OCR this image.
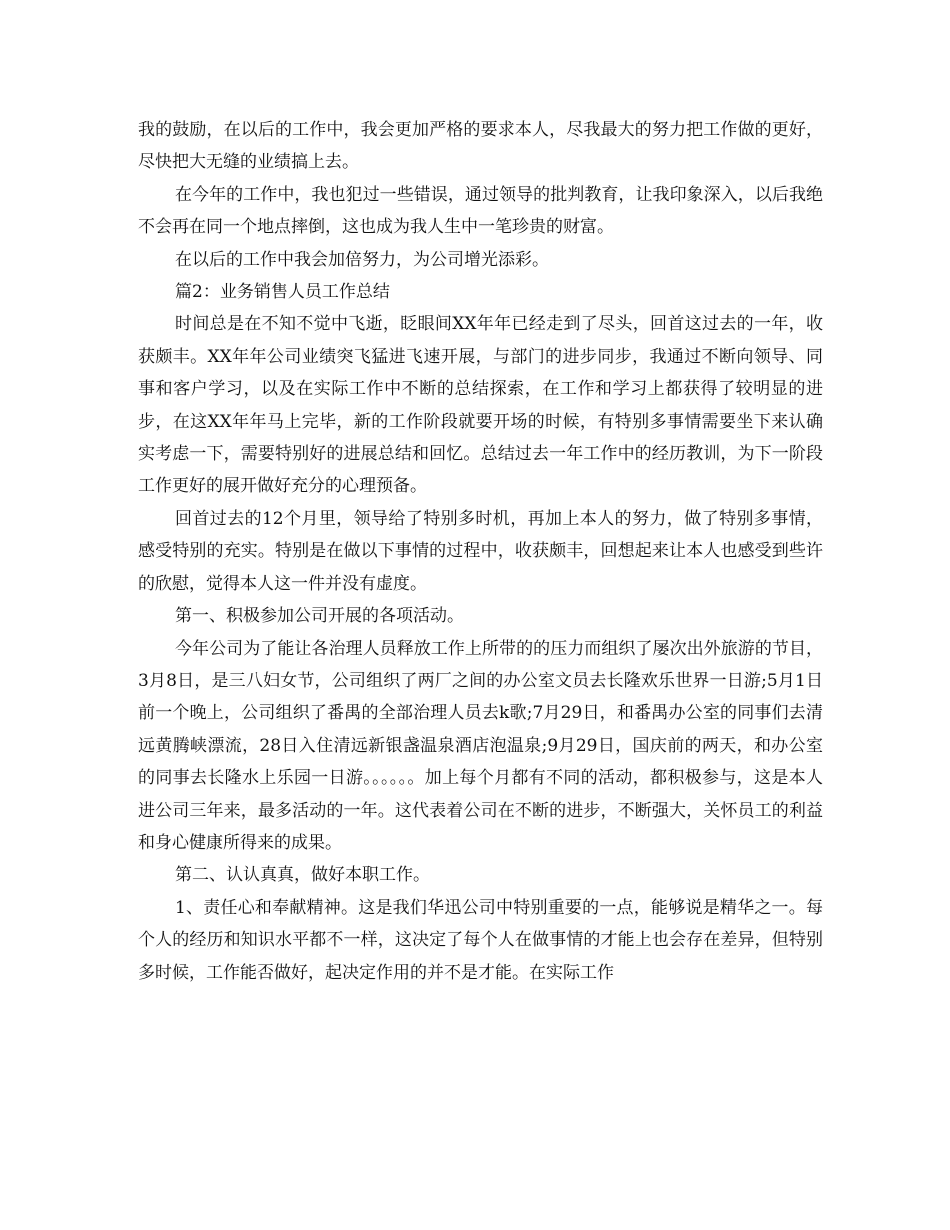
我的鼓励，在以后的工作中，我会更加严格的要求本人，尽我最大的努力把工作做的更好，尽快把大无缝的业绩搞上去。

在今年的工作中，我也犯过一些错误，通过领导的批判教育，让我印象深入，以后我绝不会再在同一个地点摔倒，这也成为我人生中一笔珍贵的财富。

在以后的工作中我会加倍努力，为公司增光添彩。

篇2：业务销售人员工作总结

时间总是在不知不觉中飞逝，眨眼间XX年年已经走到了尽头，回首这过去的一年，收获颇丰。XX年年公司业绩突飞猛进飞速开展，与部门的进步同步，我通过不断向领导、同事和客户学习，以及在实际工作中不断的总结探索，在工作和学习上都获得了较明显的进步，在这XX年年马上完毕，新的工作阶段就要开场的时候，有特别多事情需要坐下来认确实考虑一下，需要特别好的进展总结和回忆。总结过去一年工作中的经历教训，为下一阶段工作更好的展开做好充分的心理预备。

回首过去的12个月里，领导给了特别多时机，再加上本人的努力，做了特别多事情，感受特别的充实。特别是在做以下事情的过程中，收获颇丰，回想起来让本人也感受到些许的欣慰，觉得本人这一件并没有虚度。

第一、积极参加公司开展的各项活动。

今年公司为了能让各治理人员释放工作上所带的的压力而组织了屡次出外旅游的节目，3月8日，是三八妇女节，公司组织了两厂之间的办公室文员去长隆欢乐世界一日游;5月1日前一个晚上，公司组织了番禺的全部治理人员去k歌;7月29日，和番禺办公室的同事们去清远黄腾峡漂流，28日入住清远新银盏温泉酒店泡温泉;9月29日，国庆前的两天，和办公室的同事去长隆水上乐园一日游。。。。。。加上每个月都有不同的活动，都积极参与，这是本人进公司三年来，最多活动的一年。这代表着公司在不断的进步，不断强大，关怀员工的利益和身心健康所得来的成果。

第二、认认真真，做好本职工作。

1、责任心和奉献精神。这是我们华迅公司中特别重要的一点，能够说是精华之一。每个人的经历和知识水平都不一样，这决定了每个人在做事情的才能上也会存在差异，但特别多时候，工作能否做好，起决定作用的并不是才能。在实际工作
